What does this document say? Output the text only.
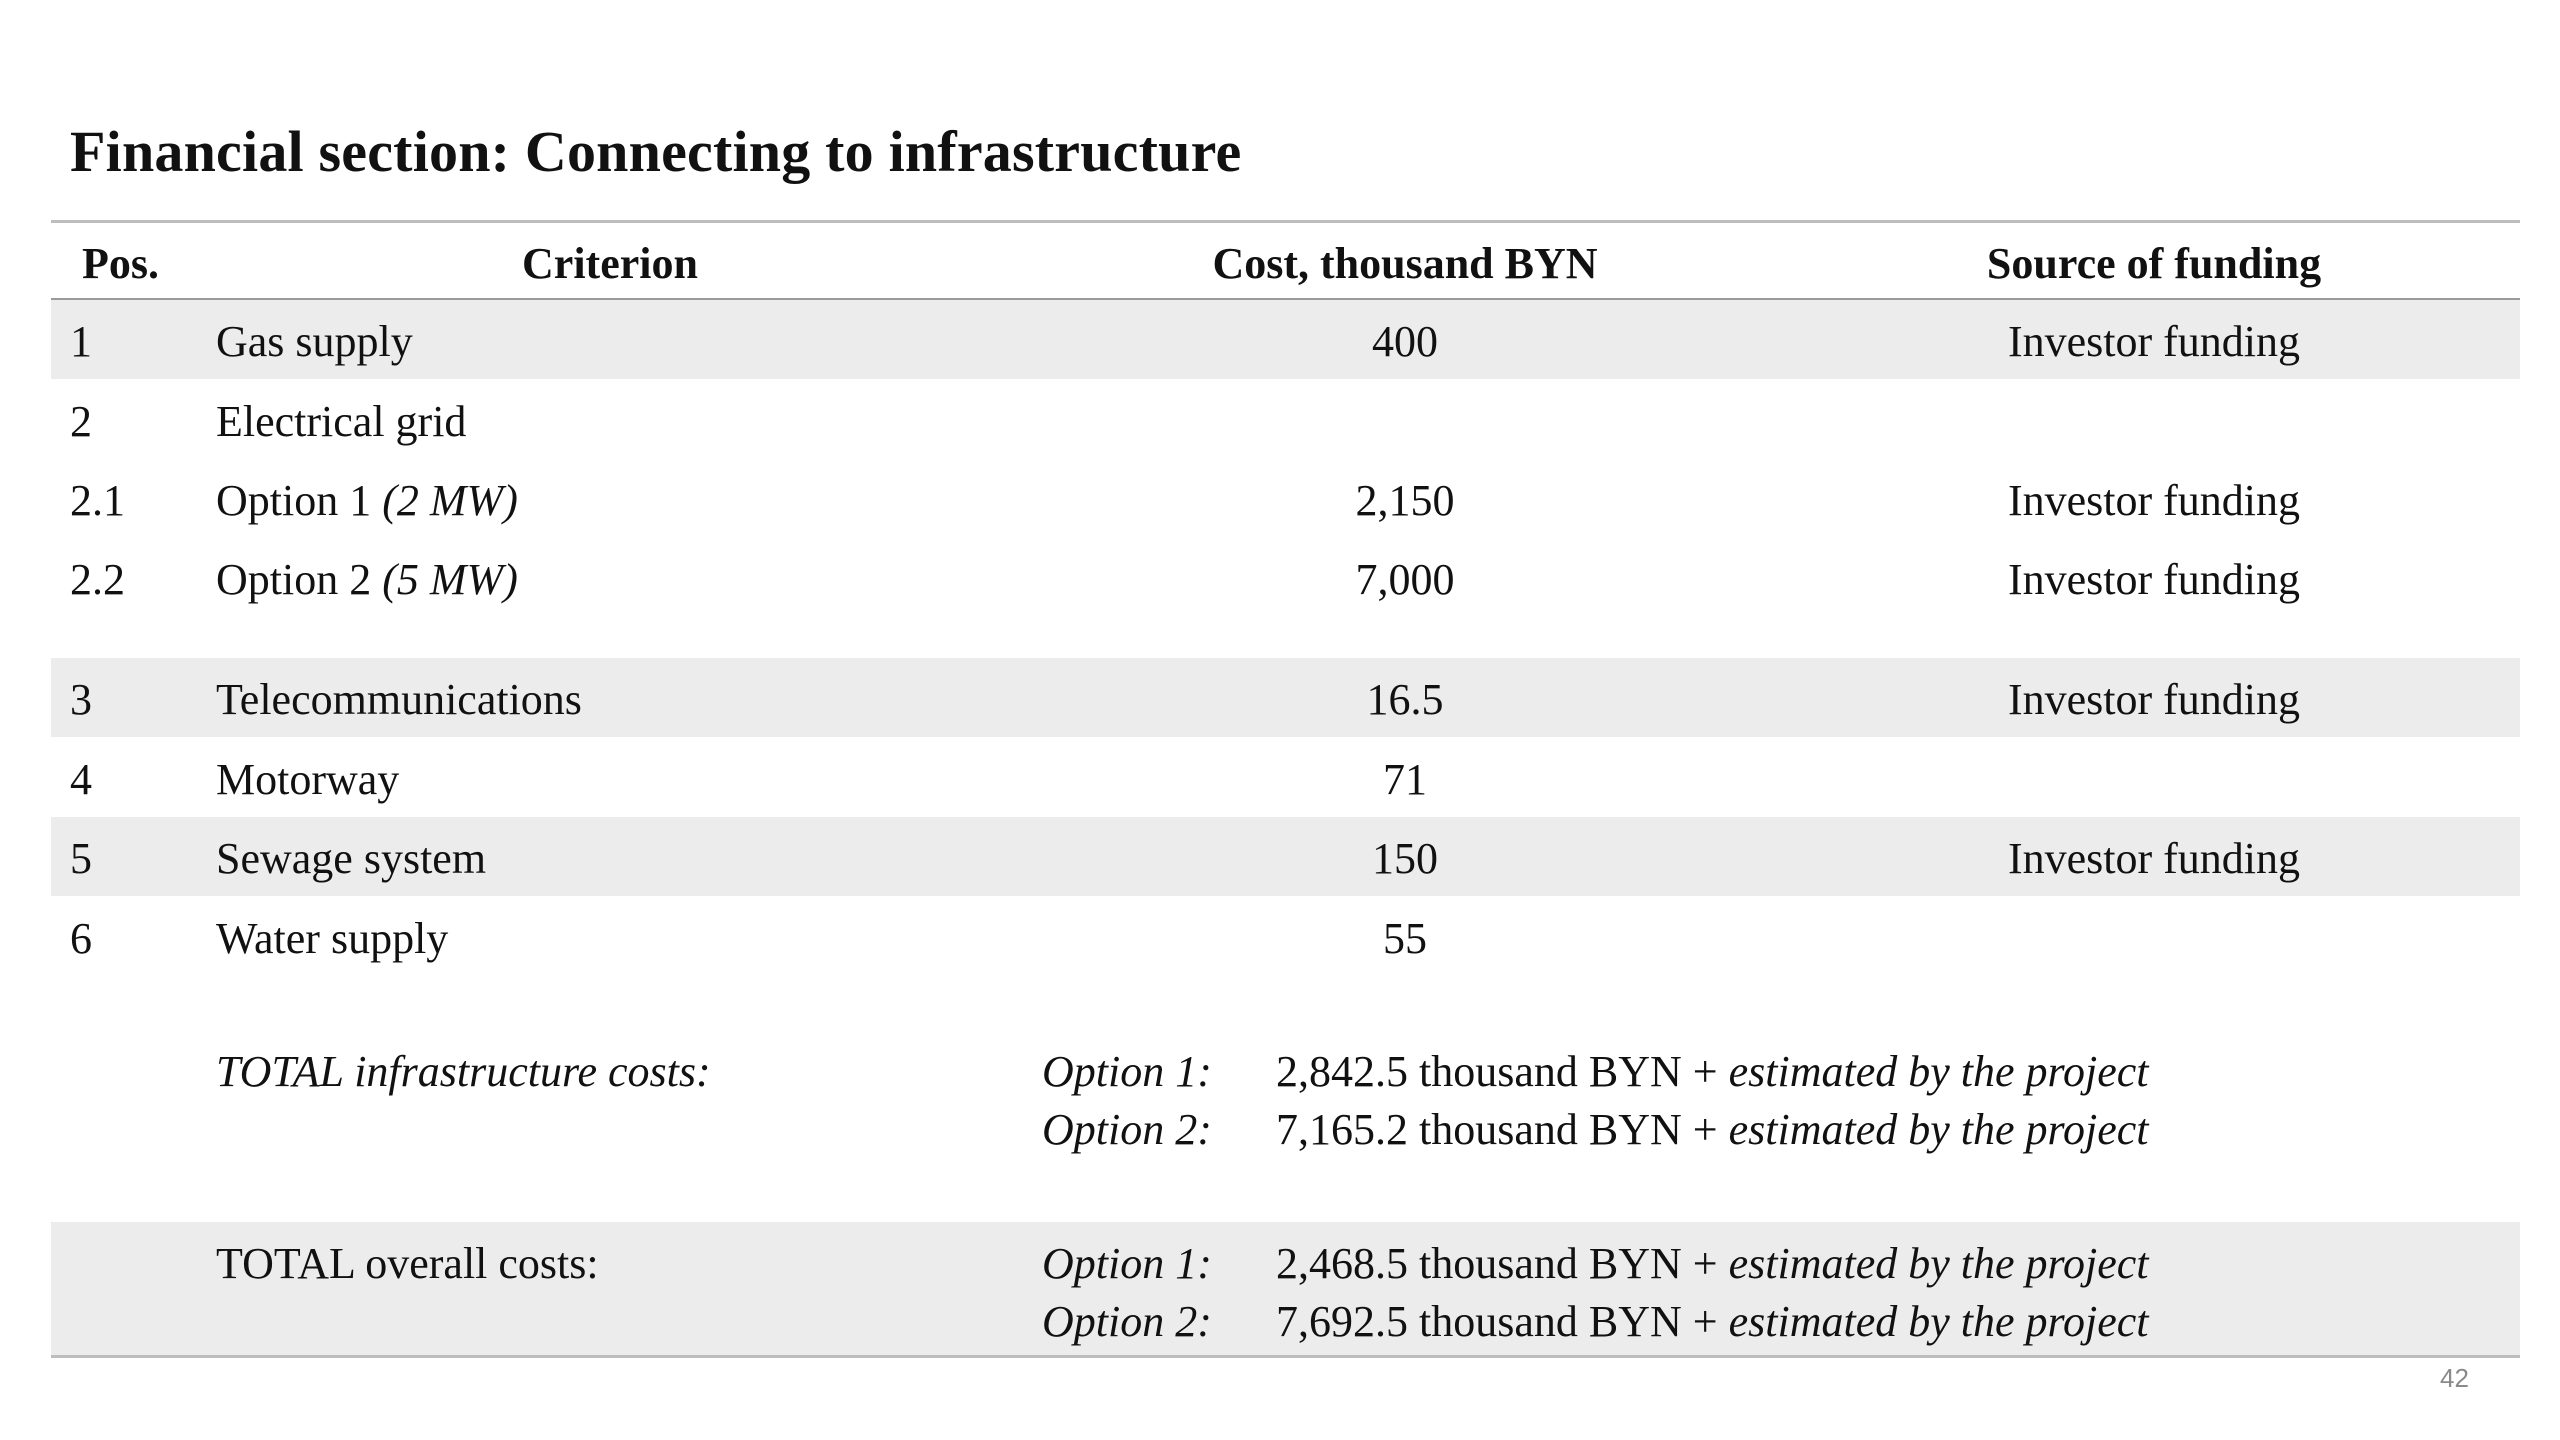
Financial section: Connecting to infrastructure
Pos.	Criterion	Cost, thousand BYN	Source of funding
1	Gas supply	400	Investor funding
2	Electrical grid
2.1 Option 1 (2 MW)	2,150	Investor funding
2.2 Option 2 (5 MW)	7,000	Investor funding
3	Telecommunications	16.5	Investor funding
4	Motorway	71
5	Sewage system	150	Investor funding
6	Water supply	55
TOTAL infrastructure costs:	Option 1: 2,842.5 thousand BYN + estimated by the project
Option 2: 7,165.2 thousand BYN + estimated by the project
TOTAL overall costs:	Option 1: 2,468.5 thousand BYN + estimated by the project
Option 2: 7,692.5 thousand BYN + estimated by the project
42
